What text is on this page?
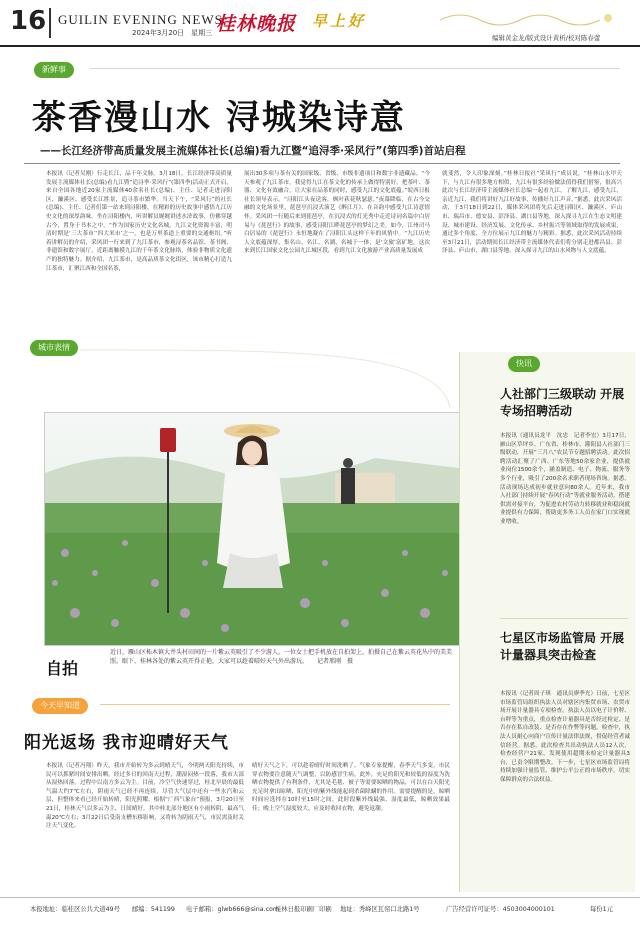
16 GUILIN EVENING NEWS
2024年3月20日　星期三 桂林晚报 早上好
编辑黄金龙/版式设计黄析/校对陈春蕾
新鲜事
茶香漫山水 浔城染诗意
——长江经济带高质量发展主流媒体社长(总编)看九江暨“追浔季·采风行”(第四季)首站启程

本报讯（记者吴刚）行走长江，品千年文脉。3月18日，长江经济带高质量发展主流媒体社长(总编)看九江暨“追浔季·采风行”(第四季)活动正式开启，来自全国各地近20家主流媒体40余名社长(总编)、主任、记者走进浔阳区、濂溪区、感受长江胜景，追寻茶市繁华。当天下午，“采风行”的社长(总编)、主任、记者们第一站来到浔阳楼，在精彩的历史故事中感悟九江历史文化的深厚韵味。坐在浔阳楼内，听讲解员娓娓讲述水浒故事，仿佛穿越古今，置身于书本之中。“作为国家历史文化名城，九江文化资源丰富，明清时期是‘三大茶市’‘四大米市’之一，也是万里茶道上重要的交通枢纽。”听着讲解员的介绍，采风团一行来到了九江茶市，参观浔茶名品馆、茶书阁、非遗馆和数字展厅，近距离触摸九江的千年茶文化脉络，体验非物质文化遗产的独特魅力。据介绍，九江茶市，是高品质茶文化街区，该市精心打造九江茶市，汇聚江西和全国名茶，

展出30多项与茶有关的国家级、省级、市级非遗项目和数字非遗藏品。“今天参观了九江茶市，我觉得九江在茶文化的传承上做得特别好，把茶叶、茶器、文化有效融合，让大家在品茶的同时，感受九江的文化底蕴。”皖西日报社长领导表示。“浔阳江头夜送客，枫叶荻花秋瑟瑟。”夜幕降临，在古今交融的文化场景里，琵琶亭沉浸式演艺《醉江月》，在音韵中感受九江诗意情怀。采风团一行随后来到琵琶亭，在沉浸式的灯光秀中走近诗词名篇中白居易与《琵琶行》的故事，感受浔阳江畔琵琶亭的梦幻之美。如今，江州司马白居易的《琵琶行》永恒地凝在了浔阳江头这样千年的风情中。“九江历史人文底蕴深厚，集名山、名江、名湖、名城于一体，是‘文旅’富矿地，这次来到长江国家文化公园九江城区段，看到九江文化旅游产业高质量发展成

就斐然，令人印象深刻。”桂林日报社“采风行”成员说，“桂林山水甲天下，与九江有很多地方相似，九江有很多经验做法值得我们借鉴，很高兴此次与长江经济带主流媒体社长总编一起看九江，了解九江，感受九江，亲近九江，我们将讲好九江好故事，传播好九江声音。”据悉，此次采风活动，于3月18日到22日，媒体采风团将先后走进浔阳区、濂溪区、庐山市、瑞昌市、德安县、彭泽县、湖口县等地，深入探寻九江在生态文明建设、城市建设、经济发展、文化传承、乡村振兴等领域取得的发展成果，通过多个角度、全方位展示九江的魅力与精彩。据悉，此次采风活动持续至3月21日，活动期间长江经济带主流媒体代表们将分别走进都昌县、彭泽县、庐山市、湖口县等地，深入探寻九江的山水风物与人文底蕴。

城市表情
自拍

近日，雁山区柘木镇大井头村田间的一片紫云英吸引了不少游人。一位女士把手机放在自拍架上，拍摄自己在紫云英花丛中的美美照。眼下，桂林各处的紫云英开得正艳，大家可以趁着晴好天气外出游玩。　　记者邢刚　摄

今天早知道
阳光返场 我市迎晴好天气

本报讯（记者冯翔）昨天，我市开始转为多云到晴天气，今明两天阳光持续，市民可以抓紧时间安排出晒。经过多日的回南天过程，潮湿闷热一段落，我市大部从湿热回落，过程中以南方多云为主。目前，冷空气快速穿过，桂北早晨的最低气温大约7℃左右，阴雨天气已经不再连续，尽管大气层中还有一些水汽和云层，但整体来看已经开始转晴，阳光照耀。根据“广西气象台”预报，3月20日至21日，桂林天气以多云为主，日间晴好。其中桂北部分地区有小雨转阴，最高气温20℃左右；3月22日后受南支槽东移影响，又将转为阴雨天气，市民需及时关注天气变化。

晴好天气之下，可以趁着晴好时间洗晒了。气象专家提醒，春季天气多变，市民穿衣物要注意随天气调整，以防感冒生病。此外，充足的阳光和较低的湿度为洗晒衣物提供了有利条件，尤其是毛毯、被子等需要晾晒的物品，可以在白天阳光充足时拿出晾晒，阳光中的紫外线能起到杀菌除螨的作用。需要提醒的是，晾晒时间应选择在10时至15时之间，此时段紫外线最强、湿度最低，晾晒效果最佳；晚上空气湿度较大，应及时收回衣物，避免返潮。

快讯
人社部门三级联动 开展专场招聘活动

本报讯（通讯员龙平　沈忠　记者李宏）3月17日，雁山区草坪乡、广东省、桂林市、灌阳县人社部门三级联动，开展“三月八”农民节专题招聘活动。此次招聘活动汇聚了广西、广东等地50余家企业，提供就业岗位1500余个，涵盖制造、电子、物流、服务等多个行业，吸引了200余名求职者现场咨询。据悉，活动现场达成初步就业意向80余人。近年来，我市人社部门持续开展“春风行动”等就业服务活动，搭建供需对接平台，为促进农村劳动力转移就业和稳岗就业提供有力保障，帮助更多务工人员在家门口实现就业增收。

七星区市场监管局 开展计量器具突击检查

本报讯（记者周子琪　通讯员廖季光）日前，七星区市场监管局组织执法人员对辖区内集贸市场、农贸市场开展计量器具专项检查。执法人员以电子计价秤、台秤等为重点，重点检查计量器具是否经过检定、是否存在私自改装、是否存在作弊等问题。检查中，执法人员耐心向商户宣传计量法律法规，督促经营者诚信经营。据悉，此次检查共出动执法人员12人次，检查经营户21家，发现使用超期未检定计量器具3台，已责令限期整改。下一步，七星区市场监管局将持续加强计量监管，维护公平公正的市场秩序，切实保障群众的合法权益。

本报地址：临桂区公共大道49号 邮编：541199 电子邮箱：glwb666@sina.com
桂林日报印刷厂印刷 地址：秀峰区瓦窑口北路1号	广告经营许可证号：4503004000101	每份1元
